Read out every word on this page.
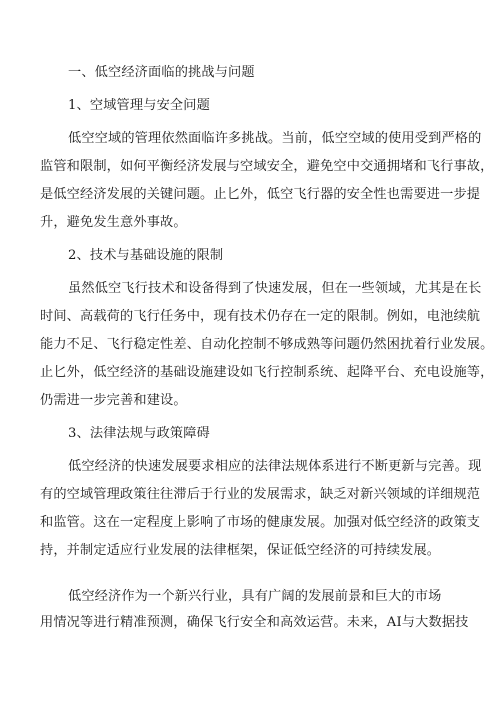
一、低空经济面临的挑战与问题
1、空域管理与安全问题
低空空域的管理依然面临许多挑战。当前，低空空域的使用受到严格的
监管和限制，如何平衡经济发展与空域安全，避免空中交通拥堵和飞行事故，
是低空经济发展的关键问题。止匕外，低空飞行器的安全性也需要进一步提
升，避免发生意外事故。
2、技术与基础设施的限制
虽然低空飞行技术和设备得到了快速发展，但在一些领域，尤其是在长
时间、高载荷的飞行任务中，现有技术仍存在一定的限制。例如，电池续航
能力不足、飞行稳定性差、自动化控制不够成熟等问题仍然困扰着行业发展。
止匕外，低空经济的基础设施建设如飞行控制系统、起降平台、充电设施等，
仍需进一步完善和建设。
3、法律法规与政策障碍
低空经济的快速发展要求相应的法律法规体系进行不断更新与完善。现
有的空域管理政策往往滞后于行业的发展需求，缺乏对新兴领域的详细规范
和监管。这在一定程度上影响了市场的健康发展。加强对低空经济的政策支
持，并制定适应行业发展的法律框架，保证低空经济的可持续发展。
低空经济作为一个新兴行业，具有广阔的发展前景和巨大的市场
用情况等进行精准预测，确保飞行安全和高效运营。未来，AI与大数据技
